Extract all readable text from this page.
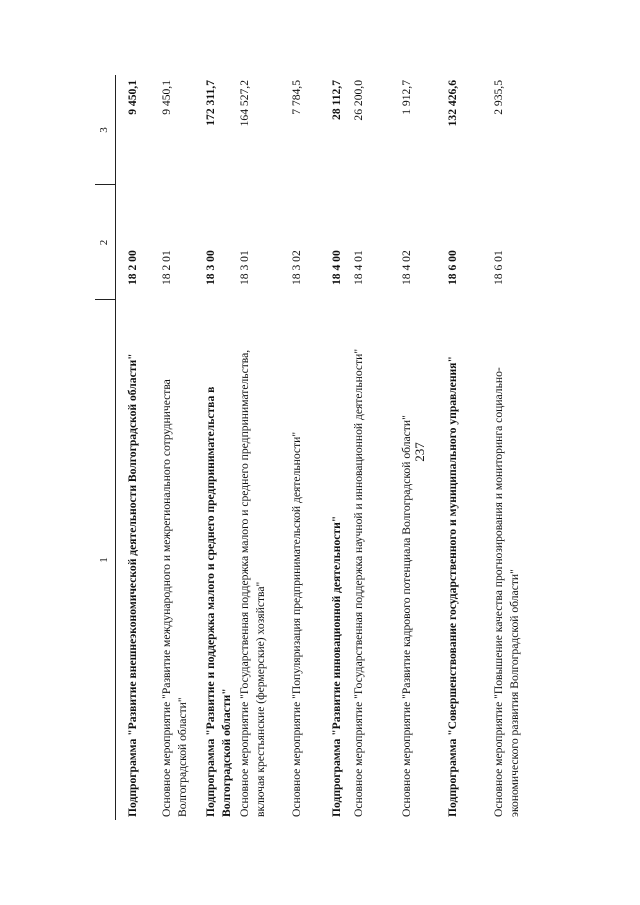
237
1
2
3
Подпрограмма "Развитие внешнеэкономической деятельности Волгоградской области"
18 2 00
9 450,1
Основное мероприятие "Развитие международного и межрегионального сотрудничества Волгоградской области"
18 2 01
9 450,1
Подпрограмма "Развитие и поддержка малого и среднего предпринимательства в Волгоградской области"
18 3 00
172 311,7
Основное мероприятие "Государственная поддержка малого и среднего предпринимательства, включая крестьянские (фермерские) хозяйства"
18 3 01
164 527,2
Основное мероприятие "Популяризация предпринимательской деятельности"
18 3 02
7 784,5
Подпрограмма "Развитие инновационной деятельности"
18 4 00
28 112,7
Основное мероприятие "Государственная поддержка научной и инновационной деятельности"
18 4 01
26 200,0
Основное мероприятие "Развитие кадрового потенциала Волгоградской области"
18 4 02
1 912,7
Подпрограмма "Совершенствование государственного и муниципального управления"
18 6 00
132 426,6
Основное мероприятие "Повышение качества прогнозирования и мониторинга социально-экономического развития Волгоградской области"
18 6 01
2 935,5
